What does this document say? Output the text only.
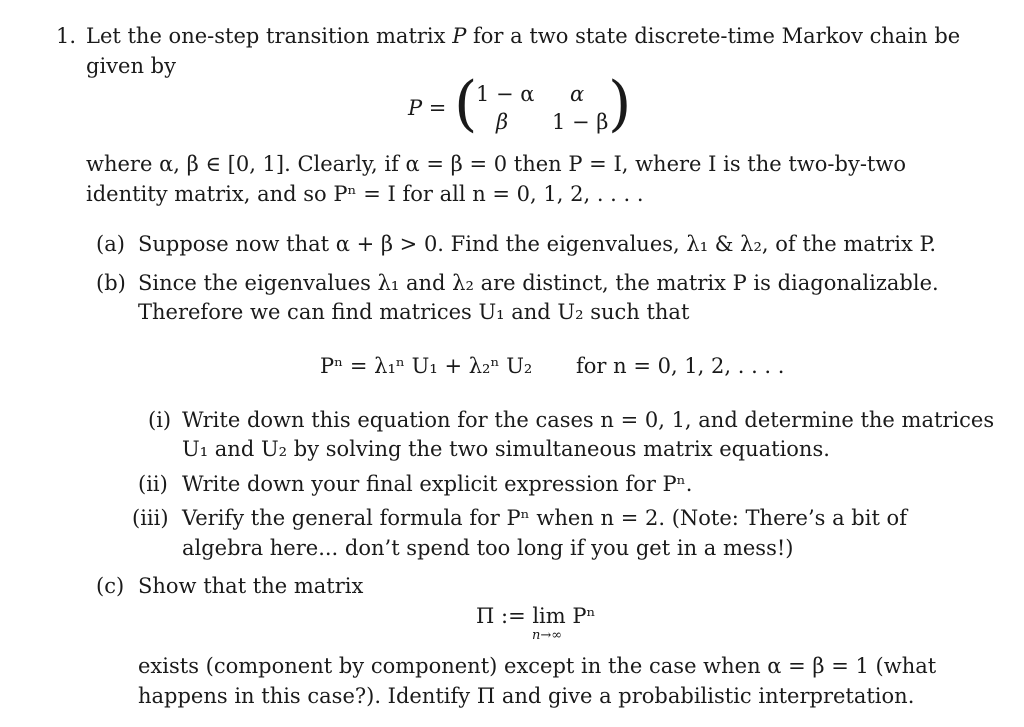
1. Let the one-step transition matrix P for a two state discrete-time Markov chain be
given by
P = (
1 − α α
β 1 − β )
where α, β ∈ [0, 1]. Clearly, if α = β = 0 then P = I, where I is the two-by-two
identity matrix, and so Pⁿ = I for all n = 0, 1, 2, . . . .
(a) Suppose now that α + β > 0. Find the eigenvalues, λ₁ & λ₂, of the matrix P.
(b) Since the eigenvalues λ₁ and λ₂ are distinct, the matrix P is diagonalizable.
Therefore we can find matrices U₁ and U₂ such that
Pⁿ = λ₁ⁿ U₁ + λ₂ⁿ U₂ for n = 0, 1, 2, . . . .
(i) Write down this equation for the cases n = 0, 1, and determine the matrices
U₁ and U₂ by solving the two simultaneous matrix equations.
(ii) Write down your final explicit expression for Pⁿ.
(iii) Verify the general formula for Pⁿ when n = 2. (Note: There’s a bit of
algebra here... don’t spend too long if you get in a mess!)
(c) Show that the matrix
Π := lim Pⁿ
n→∞
exists (component by component) except in the case when α = β = 1 (what
happens in this case?). Identify Π and give a probabilistic interpretation.
